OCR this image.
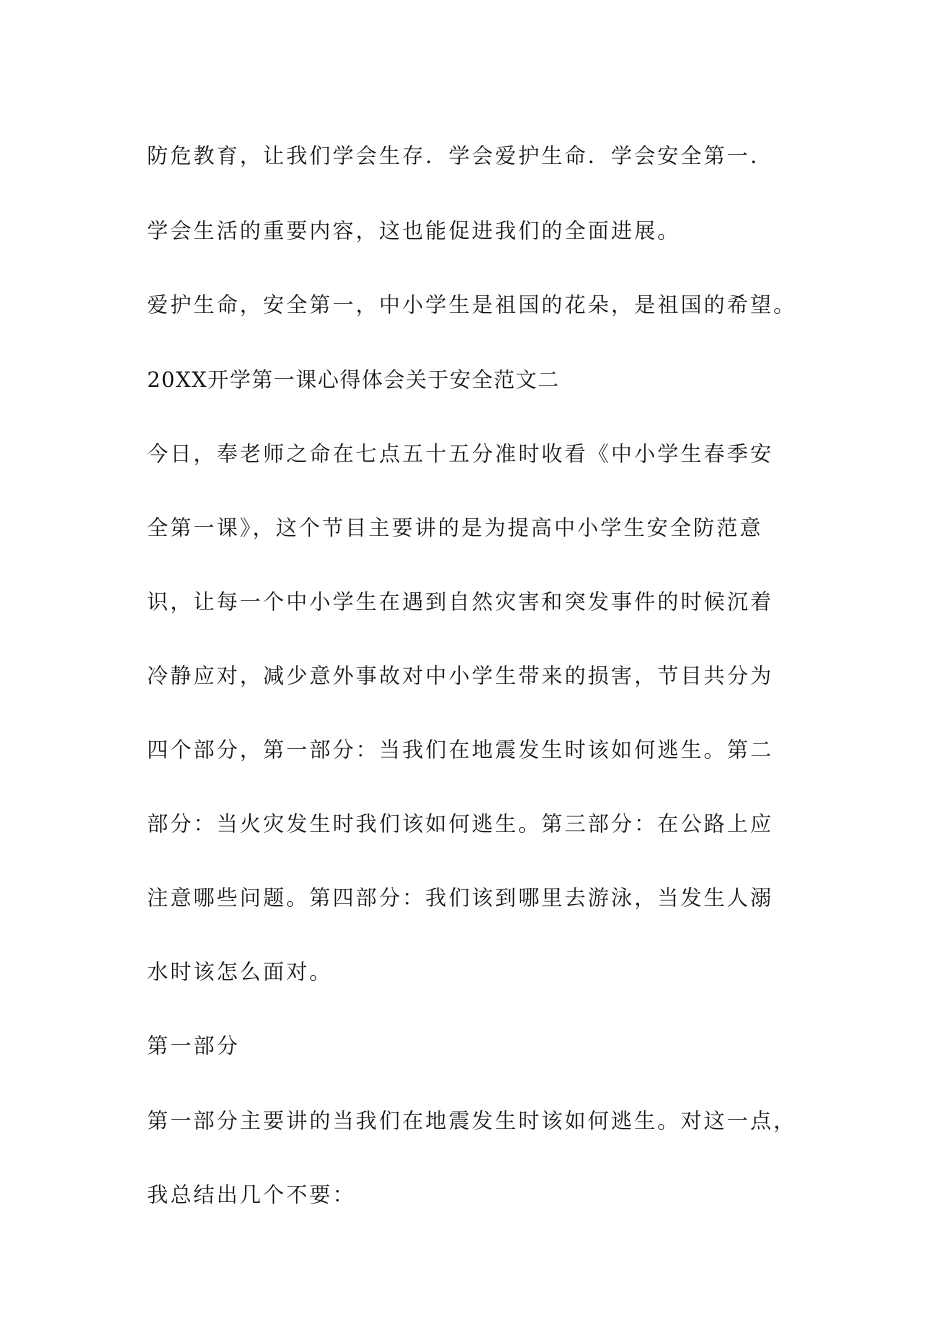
防危教育，让我们学会生存．学会爱护生命．学会安全第一．
学会生活的重要内容，这也能促进我们的全面进展。
爱护生命，安全第一，中小学生是祖国的花朵，是祖国的希望。
20XX开学第一课心得体会关于安全范文二
今日，奉老师之命在七点五十五分准时收看《中小学生春季安
全第一课》，这个节目主要讲的是为提高中小学生安全防范意
识，让每一个中小学生在遇到自然灾害和突发事件的时候沉着
冷静应对，减少意外事故对中小学生带来的损害，节目共分为
四个部分，第一部分：当我们在地震发生时该如何逃生。第二
部分：当火灾发生时我们该如何逃生。第三部分：在公路上应
注意哪些问题。第四部分：我们该到哪里去游泳，当发生人溺
水时该怎么面对。
第一部分
第一部分主要讲的当我们在地震发生时该如何逃生。对这一点，
我总结出几个不要：
